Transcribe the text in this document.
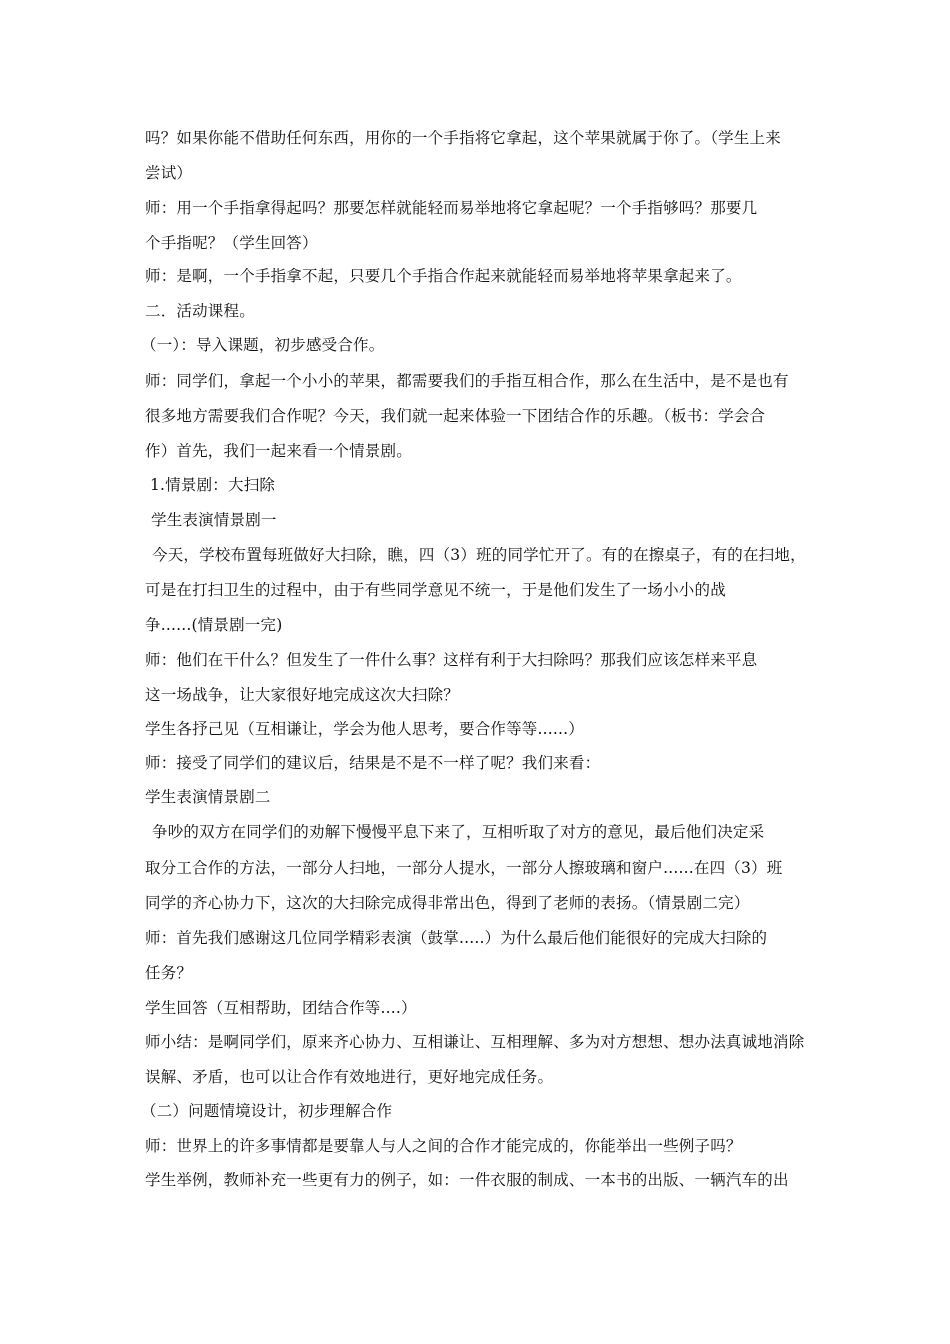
吗？如果你能不借助任何东西，用你的一个手指将它拿起，这个苹果就属于你了。（学生上来
尝试）
师：用一个手指拿得起吗？那要怎样就能轻而易举地将它拿起呢？一个手指够吗？那要几
个手指呢？（学生回答）
师：是啊，一个手指拿不起，只要几个手指合作起来就能轻而易举地将苹果拿起来了。
二．活动课程。
（一）：导入课题，初步感受合作。
师：同学们，拿起一个小小的苹果，都需要我们的手指互相合作，那么在生活中，是不是也有
很多地方需要我们合作呢？今天，我们就一起来体验一下团结合作的乐趣。（板书：学会合
作）首先，我们一起来看一个情景剧。
1.情景剧：大扫除
学生表演情景剧一
今天，学校布置每班做好大扫除，瞧，四（3）班的同学忙开了。有的在擦桌子，有的在扫地，
可是在打扫卫生的过程中，由于有些同学意见不统一，于是他们发生了一场小小的战
争......(情景剧一完)
师：他们在干什么？但发生了一件什么事？这样有利于大扫除吗？那我们应该怎样来平息
这一场战争，让大家很好地完成这次大扫除？
学生各抒己见（互相谦让，学会为他人思考，要合作等等......）
师：接受了同学们的建议后，结果是不是不一样了呢？我们来看：
学生表演情景剧二
争吵的双方在同学们的劝解下慢慢平息下来了，互相听取了对方的意见，最后他们决定采
取分工合作的方法，一部分人扫地，一部分人提水，一部分人擦玻璃和窗户......在四（3）班
同学的齐心协力下，这次的大扫除完成得非常出色，得到了老师的表扬。（情景剧二完）
师：首先我们感谢这几位同学精彩表演（鼓掌.....）为什么最后他们能很好的完成大扫除的
任务？
学生回答（互相帮助，团结合作等....）
师小结：是啊同学们，原来齐心协力、互相谦让、互相理解、多为对方想想、想办法真诚地消除
误解、矛盾，也可以让合作有效地进行，更好地完成任务。
（二）问题情境设计，初步理解合作
师：世界上的许多事情都是要靠人与人之间的合作才能完成的，你能举出一些例子吗？
学生举例，教师补充一些更有力的例子，如：一件衣服的制成、一本书的出版、一辆汽车的出
